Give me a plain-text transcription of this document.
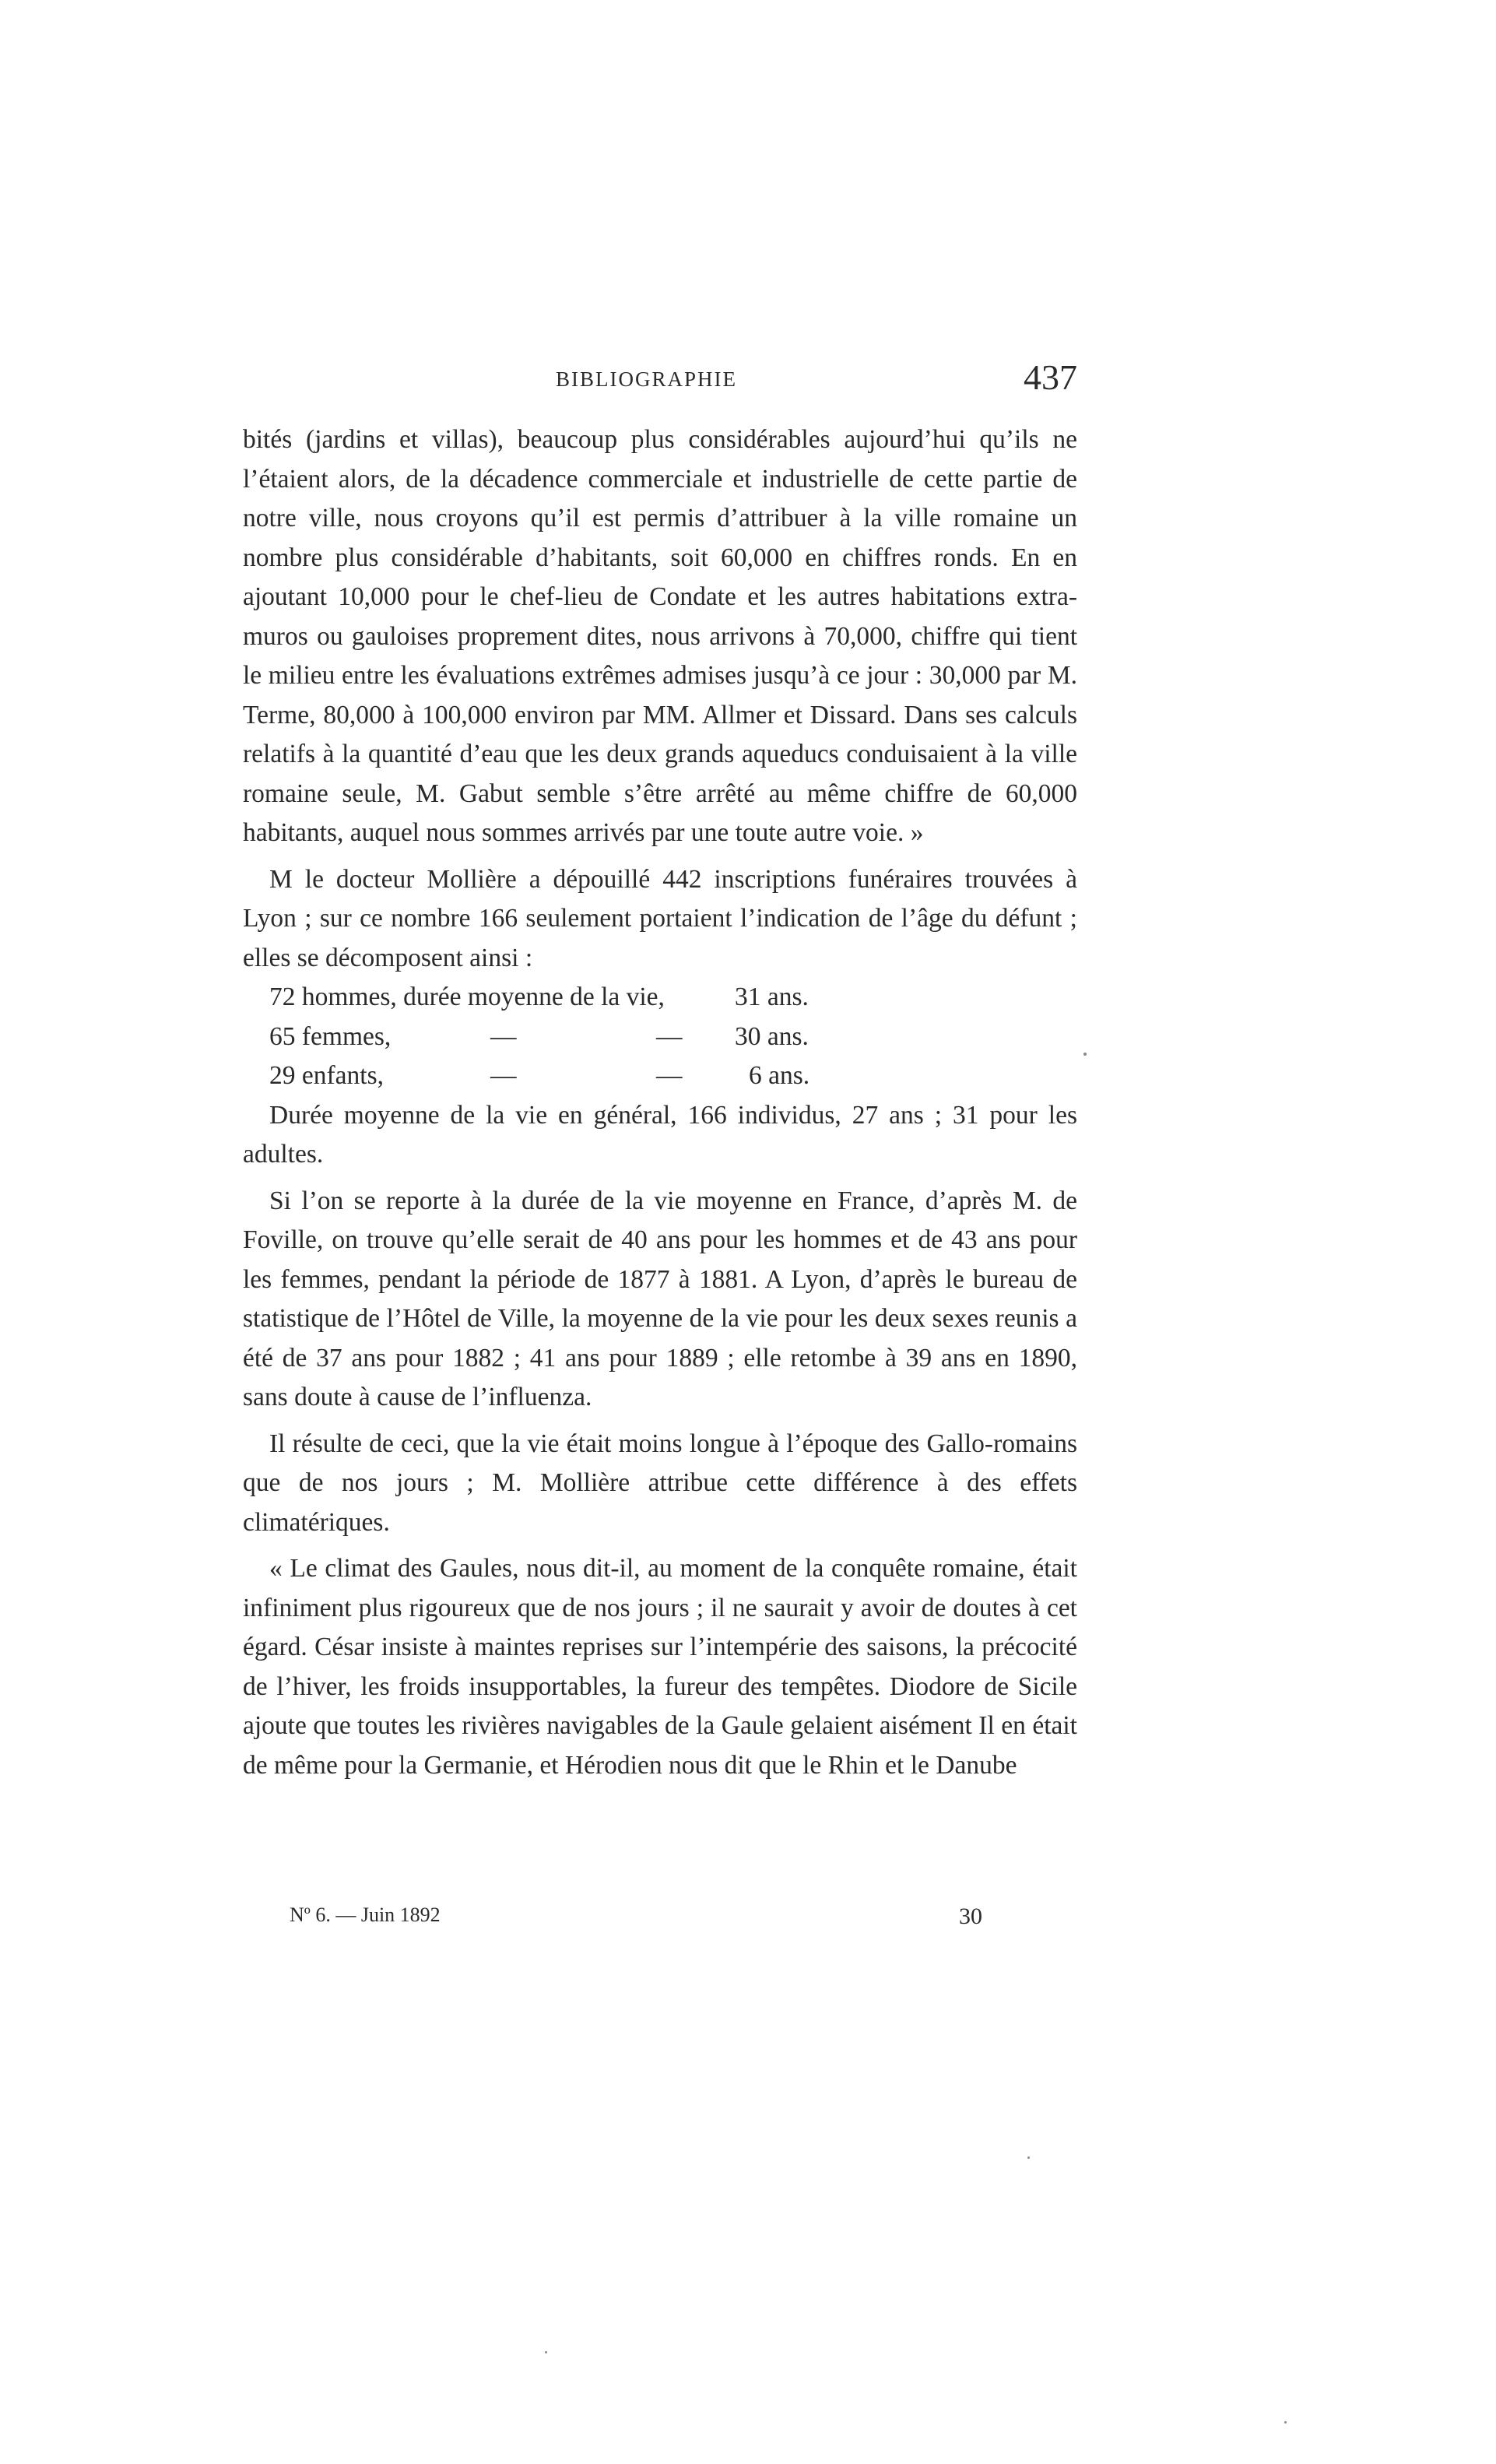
BIBLIOGRAPHIE	437

bités (jardins et villas), beaucoup plus considérables aujourd’hui qu’ils ne l’étaient alors, de la décadence commerciale et industrielle de cette partie de notre ville, nous croyons qu’il est permis d’attribuer à la ville romaine un nombre plus considérable d’habitants, soit 60,000 en chiffres ronds. En en ajoutant 10,000 pour le chef-lieu de Condate et les autres habitations extra-muros ou gauloises proprement dites, nous arrivons à 70,000, chiffre qui tient le milieu entre les évaluations extrêmes admises jusqu’à ce jour : 30,000 par M. Terme, 80,000 à 100,000 environ par MM. Allmer et Dissard. Dans ses calculs relatifs à la quantité d’eau que les deux grands aqueducs conduisaient à la ville romaine seule, M. Gabut semble s’être arrêté au même chiffre de 60,000 habitants, auquel nous sommes arrivés par une toute autre voie. »

M le docteur Mollière a dépouillé 442 inscriptions funéraires trouvées à Lyon ; sur ce nombre 166 seulement portaient l’indication de l’âge du défunt ; elles se décomposent ainsi :

72 hommes, durée moyenne de la vie,	31 ans.
65 femmes,	—	— 30 ans.
29 enfants,	—	—	6 ans.

Durée moyenne de la vie en général, 166 individus, 27 ans ; 31 pour les adultes.

Si l’on se reporte à la durée de la vie moyenne en France, d’après M. de Foville, on trouve qu’elle serait de 40 ans pour les hommes et de 43 ans pour les femmes, pendant la période de 1877 à 1881. A Lyon, d’après le bureau de statistique de l’Hôtel de Ville, la moyenne de la vie pour les deux sexes reunis a été de 37 ans pour 1882 ; 41 ans pour 1889 ; elle retombe à 39 ans en 1890, sans doute à cause de l’influenza.

Il résulte de ceci, que la vie était moins longue à l’époque des Gallo-romains que de nos jours ; M. Mollière attribue cette différence à des effets climatériques.

« Le climat des Gaules, nous dit-il, au moment de la conquête romaine, était infiniment plus rigoureux que de nos jours ; il ne saurait y avoir de doutes à cet égard. César insiste à maintes reprises sur l’intempérie des saisons, la précocité de l’hiver, les froids insupportables, la fureur des tempêtes. Diodore de Sicile ajoute que toutes les rivières navigables de la Gaule gelaient aisément Il en était de même pour la Germanie, et Hérodien nous dit que le Rhin et le Danube

Nº 6. — Juin 1892	30
